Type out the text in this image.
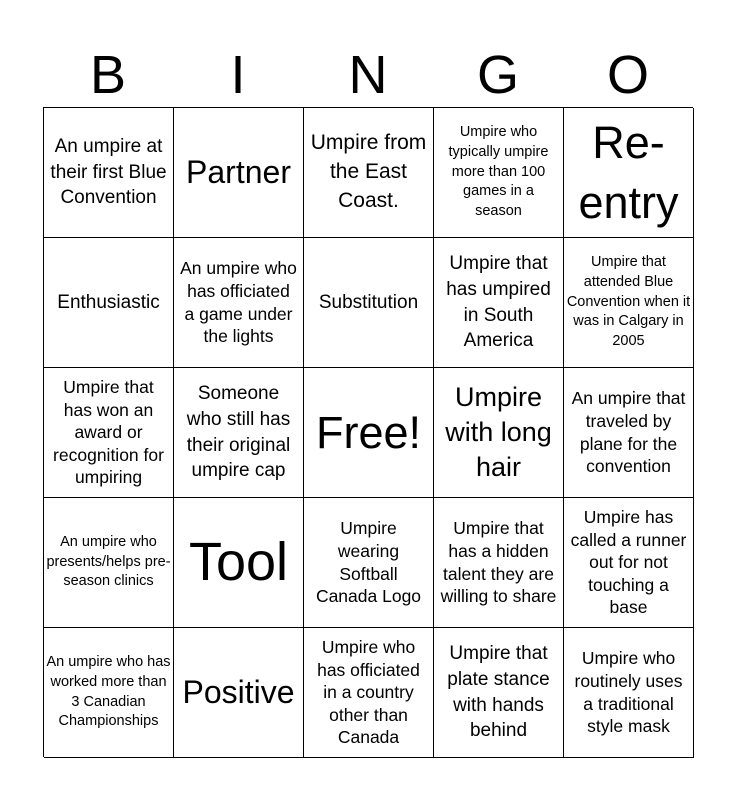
B	I	N	G	O
An umpire at their first Blue Convention
Partner
Umpire from the East Coast.
Umpire who typically umpire more than 100 games in a season
Re-entry
Enthusiastic
An umpire who has officiated a game under the lights
Substitution
Umpire that has umpired in South America
Umpire that attended Blue Convention when it was in Calgary in 2005
Umpire that has won an award or recognition for umpiring
Someone who still has their original umpire cap
Free!
Umpire with long hair
An umpire that traveled by plane for the convention
An umpire who presents/helps pre-season clinics Tool
Umpire wearing Softball Canada Logo
Umpire that has a hidden talent they are willing to share
Umpire has called a runner out for not touching a base
An umpire who has worked more than 3 Canadian Championships
Positive
Umpire who has officiated in a country other than Canada
Umpire that plate stance with hands behind
Umpire who routinely uses a traditional style mask
